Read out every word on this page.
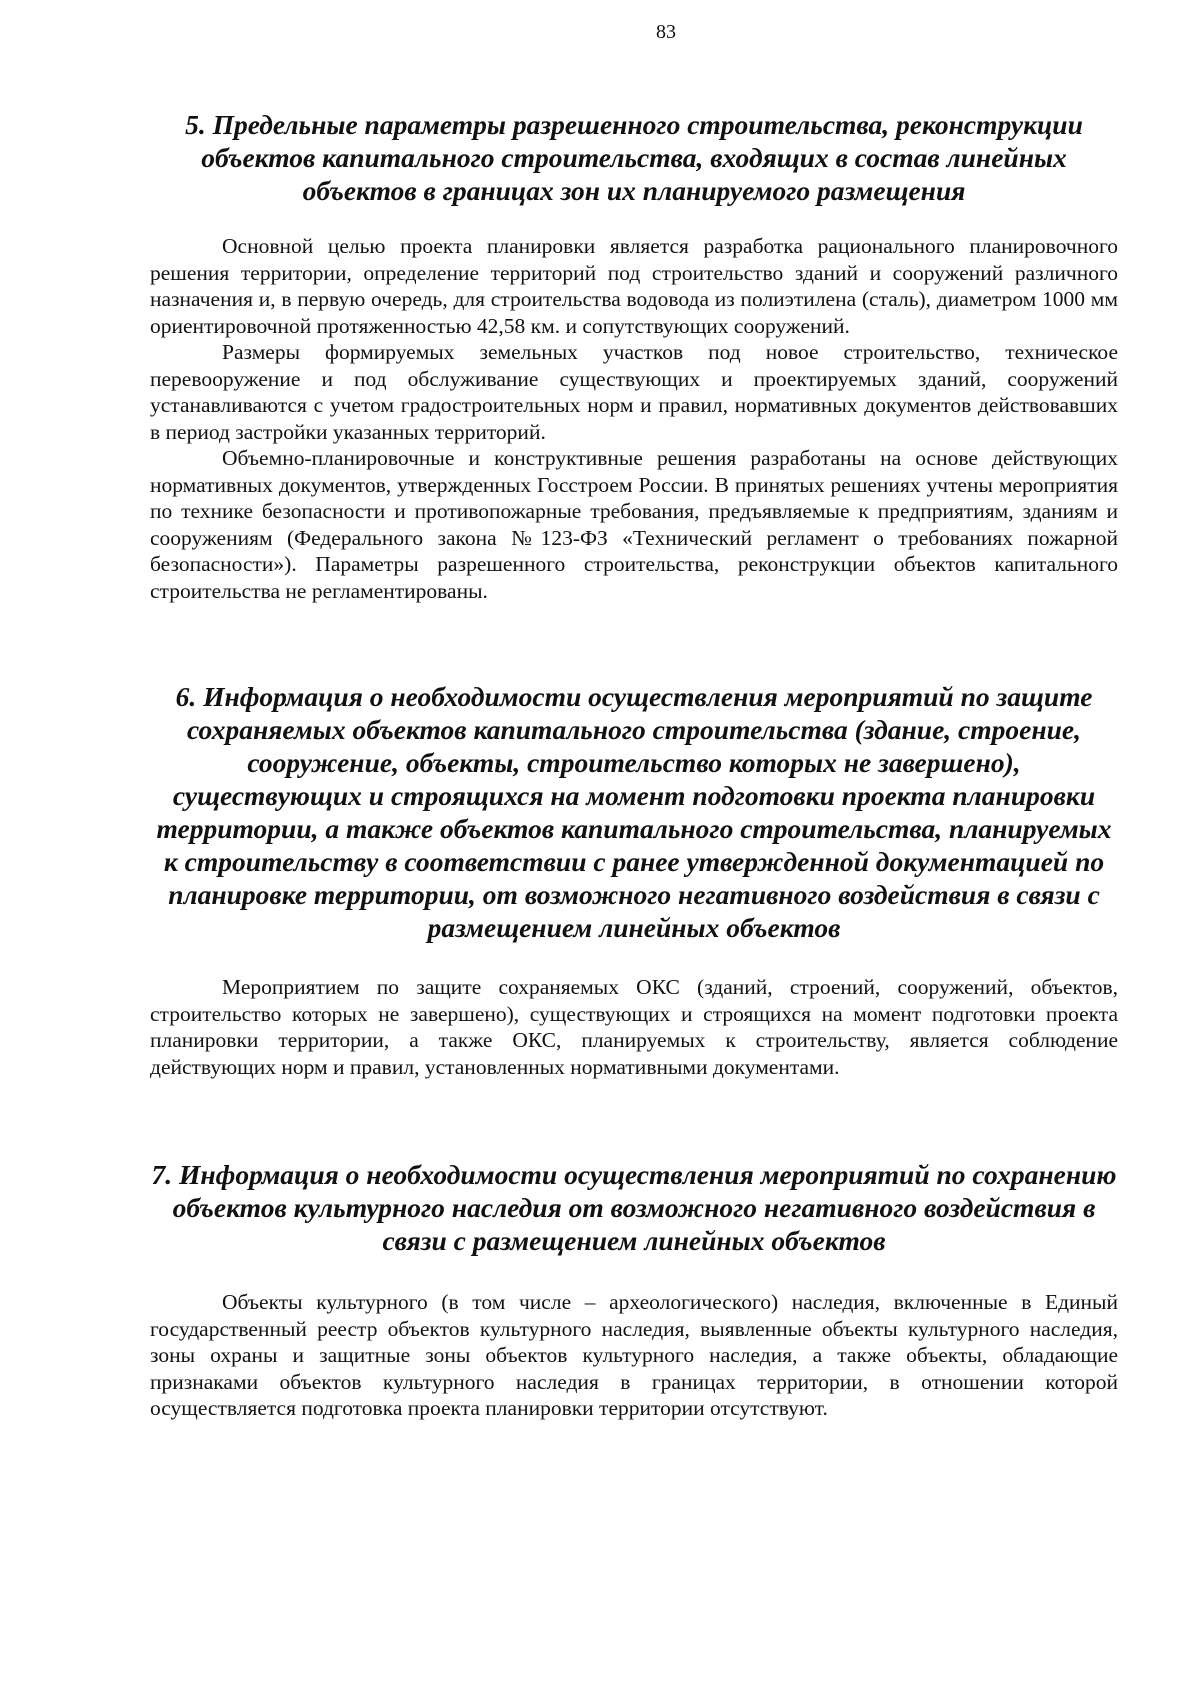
83
5. Предельные параметры разрешенного строительства, реконструкции объектов капитального строительства, входящих в состав линейных объектов в границах зон их планируемого размещения

Основной целью проекта планировки является разработка рационального планировочного решения территории, определение территорий под строительство зданий и сооружений различного назначения и, в первую очередь, для строительства водовода из полиэтилена (сталь), диаметром 1000 мм ориентировочной протяженностью 42,58 км. и сопутствующих сооружений.

Размеры формируемых земельных участков под новое строительство, техническое перевооружение и под обслуживание существующих и проектируемых зданий, сооружений устанавливаются с учетом градостроительных норм и правил, нормативных документов действовавших в период застройки указанных территорий.

Объемно-планировочные и конструктивные решения разработаны на основе действующих нормативных документов, утвержденных Госстроем России. В принятых решениях учтены мероприятия по технике безопасности и противопожарные требования, предъявляемые к предприятиям, зданиям и сооружениям (Федерального закона №123-ФЗ «Технический регламент о требованиях пожарной безопасности»). Параметры разрешенного строительства, реконструкции объектов капитального строительства не регламентированы.

6. Информация о необходимости осуществления мероприятий по защите сохраняемых объектов капитального строительства (здание, строение, сооружение, объекты, строительство которых не завершено), существующих и строящихся на момент подготовки проекта планировки территории, а также объектов капитального строительства, планируемых к строительству в соответствии с ранее утвержденной документацией по планировке территории, от возможного негативного воздействия в связи с размещением линейных объектов

Мероприятием по защите сохраняемых ОКС (зданий, строений, сооружений, объектов, строительство которых не завершено), существующих и строящихся на момент подготовки проекта планировки территории, а также ОКС, планируемых к строительству, является соблюдение действующих норм и правил, установленных нормативными документами.

7. Информация о необходимости осуществления мероприятий по сохранению объектов культурного наследия от возможного негативного воздействия в связи с размещением линейных объектов

Объекты культурного (в том числе – археологического) наследия, включенные в Единый государственный реестр объектов культурного наследия, выявленные объекты культурного наследия, зоны охраны и защитные зоны объектов культурного наследия, а также объекты, обладающие признаками объектов культурного наследия в границах территории, в отношении которой осуществляется подготовка проекта планировки территории отсутствуют.
